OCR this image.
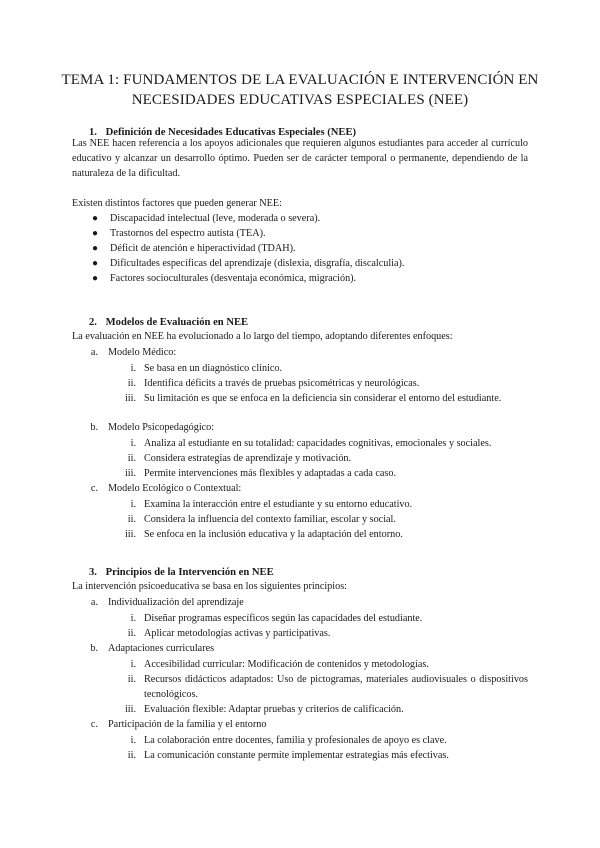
TEMA 1: FUNDAMENTOS DE LA EVALUACIÓN E INTERVENCIÓN EN
NECESIDADES EDUCATIVAS ESPECIALES (NEE)
1. Definición de Necesidades Educativas Especiales (NEE)
Las NEE hacen referencia a los apoyos adicionales que requieren algunos estudiantes para acceder al currículo educativo y alcanzar un desarrollo óptimo. Pueden ser de carácter temporal o permanente, dependiendo de la naturaleza de la dificultad.
Existen distintos factores que pueden generar NEE:
● Discapacidad intelectual (leve, moderada o severa).
● Trastornos del espectro autista (TEA).
● Déficit de atención e hiperactividad (TDAH).
● Dificultades específicas del aprendizaje (dislexia, disgrafía, discalculia).
● Factores socioculturales (desventaja económica, migración).
2. Modelos de Evaluación en NEE
La evaluación en NEE ha evolucionado a lo largo del tiempo, adoptando diferentes enfoques:
a. Modelo Médico:
i. Se basa en un diagnóstico clínico.
ii. Identifica déficits a través de pruebas psicométricas y neurológicas.
iii. Su limitación es que se enfoca en la deficiencia sin considerar el entorno del estudiante.
b. Modelo Psicopedagógico:
i. Analiza al estudiante en su totalidad: capacidades cognitivas, emocionales y sociales.
ii. Considera estrategias de aprendizaje y motivación.
iii. Permite intervenciones más flexibles y adaptadas a cada caso.
c. Modelo Ecológico o Contextual:
i. Examina la interacción entre el estudiante y su entorno educativo.
ii. Considera la influencia del contexto familiar, escolar y social.
iii. Se enfoca en la inclusión educativa y la adaptación del entorno.
3. Principios de la Intervención en NEE
La intervención psicoeducativa se basa en los siguientes principios:
a. Individualización del aprendizaje
i. Diseñar programas específicos según las capacidades del estudiante.
ii. Aplicar metodologías activas y participativas.
b. Adaptaciones curriculares
i. Accesibilidad curricular: Modificación de contenidos y metodologías.
ii. Recursos didácticos adaptados: Uso de pictogramas, materiales audiovisuales o dispositivos tecnológicos.
iii. Evaluación flexible: Adaptar pruebas y criterios de calificación.
c. Participación de la familia y el entorno
i. La colaboración entre docentes, familia y profesionales de apoyo es clave.
ii. La comunicación constante permite implementar estrategias más efectivas.
